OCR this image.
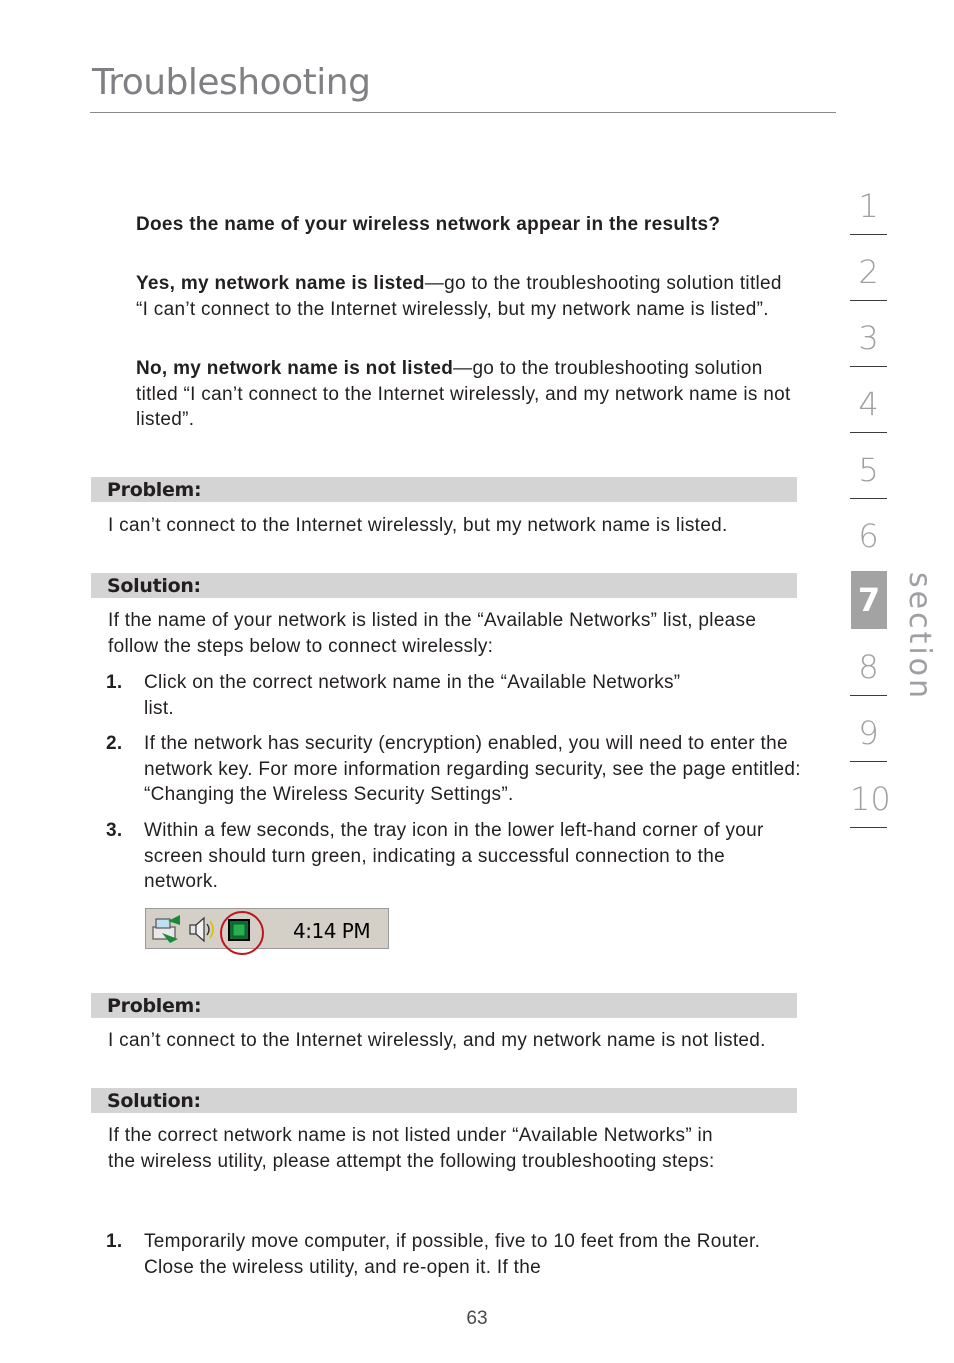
Troubleshooting
Does the name of your wireless network appear in the results?
Yes, my network name is listed—go to the troubleshooting solution titled “I can’t connect to the Internet wirelessly, but my network name is listed”.
No, my network name is not listed—go to the troubleshooting solution titled “I can’t connect to the Internet wirelessly, and my network name is not listed”.
Problem:
I can’t connect to the Internet wirelessly, but my network name is listed.
Solution:
If the name of your network is listed in the “Available Networks” list, please follow the steps below to connect wirelessly:
1. Click on the correct network name in the “Available Networks” list.
2. If the network has security (encryption) enabled, you will need to enter the network key. For more information regarding security, see the page entitled: “Changing the Wireless Security Settings”.
3. Within a few seconds, the tray icon in the lower left-hand corner of your screen should turn green, indicating a successful connection to the network.
4:14 PM
Problem:
I can’t connect to the Internet wirelessly, and my network name is not listed.
Solution:
If the correct network name is not listed under “Available Networks” in the wireless utility, please attempt the following troubleshooting steps:
1. Temporarily move computer, if possible, five to 10 feet from the Router. Close the wireless utility, and re-open it. If the
1
2
3
4
5
6
7
8
9
10
section
63
